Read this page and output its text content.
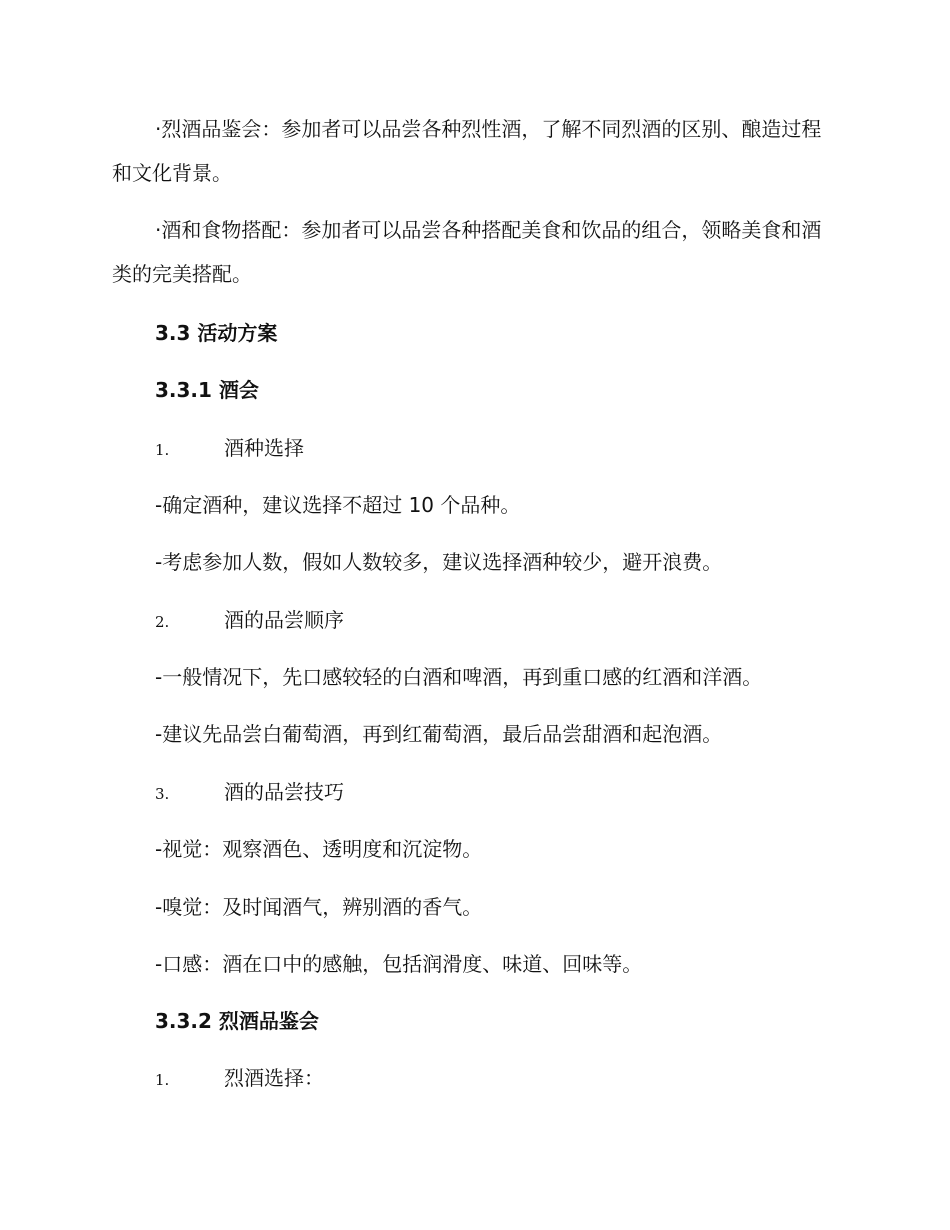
·烈酒品鉴会：参加者可以品尝各种烈性酒，了解不同烈酒的区别、酿造过程和文化背景。

·酒和食物搭配：参加者可以品尝各种搭配美食和饮品的组合，领略美食和酒类的完美搭配。

3.3 活动方案

3.3.1 酒会

1.	酒种选择

-确定酒种，建议选择不超过 10 个品种。

-考虑参加人数，假如人数较多，建议选择酒种较少，避开浪费。

2.	酒的品尝顺序

-一般情况下，先口感较轻的白酒和啤酒，再到重口感的红酒和洋酒。

-建议先品尝白葡萄酒，再到红葡萄酒，最后品尝甜酒和起泡酒。

3.	酒的品尝技巧

-视觉：观察酒色、透明度和沉淀物。

-嗅觉：及时闻酒气，辨别酒的香气。

-口感：酒在口中的感触，包括润滑度、味道、回味等。

3.3.2 烈酒品鉴会

1.	烈酒选择：
